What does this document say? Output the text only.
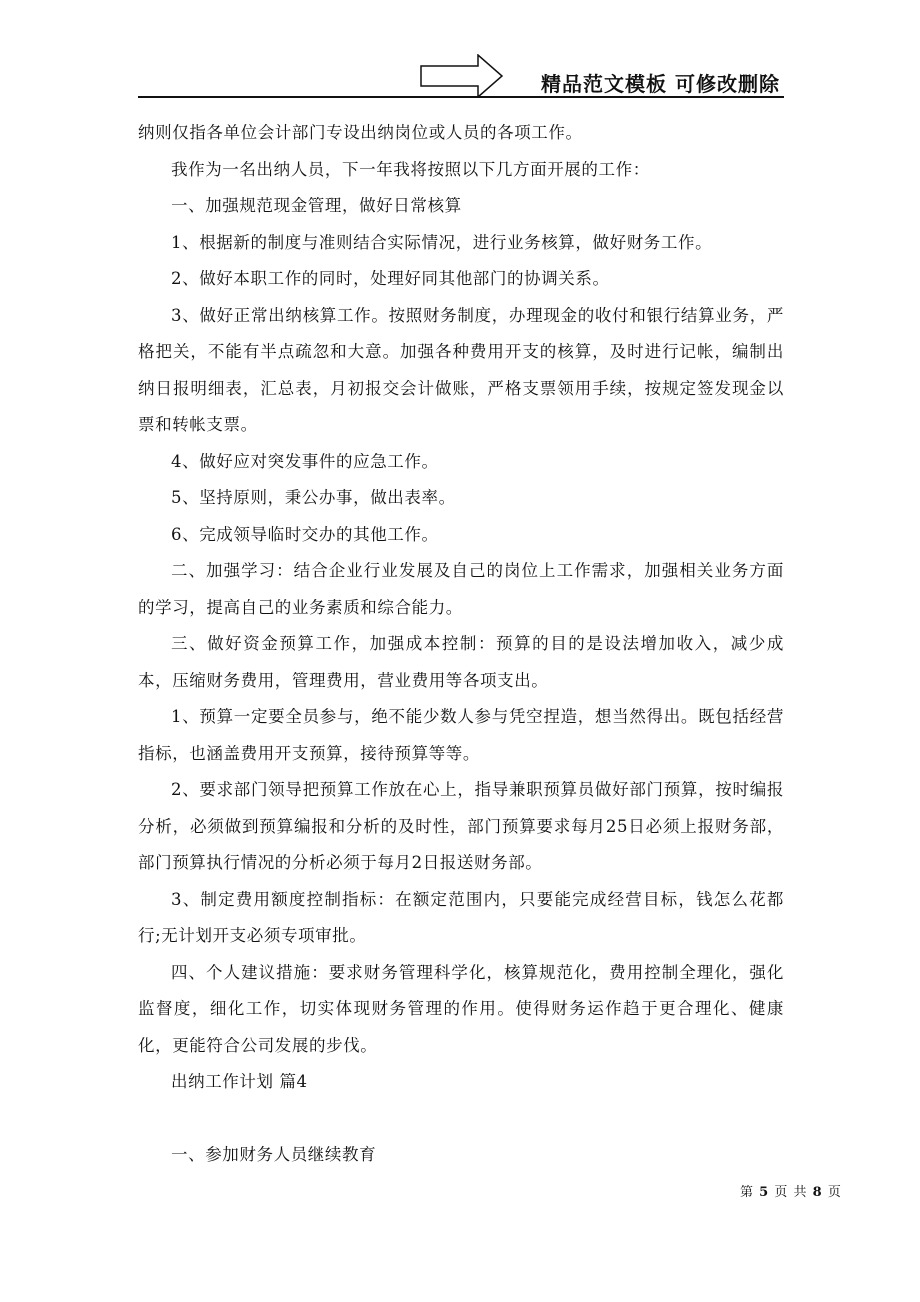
精品范文模板 可修改删除

纳则仅指各单位会计部门专设出纳岗位或人员的各项工作。

我作为一名出纳人员，下一年我将按照以下几方面开展的工作：

一、加强规范现金管理，做好日常核算

1、根据新的制度与准则结合实际情况，进行业务核算，做好财务工作。

2、做好本职工作的同时，处理好同其他部门的协调关系。

3、做好正常出纳核算工作。按照财务制度，办理现金的收付和银行结算业务，严格把关，不能有半点疏忽和大意。加强各种费用开支的核算，及时进行记帐，编制出纳日报明细表，汇总表，月初报交会计做账，严格支票领用手续，按规定签发现金以票和转帐支票。

4、做好应对突发事件的应急工作。

5、坚持原则，秉公办事，做出表率。

6、完成领导临时交办的其他工作。

二、加强学习：结合企业行业发展及自己的岗位上工作需求，加强相关业务方面的学习，提高自己的业务素质和综合能力。

三、做好资金预算工作，加强成本控制：预算的目的是设法增加收入，减少成本，压缩财务费用，管理费用，营业费用等各项支出。

1、预算一定要全员参与，绝不能少数人参与凭空捏造，想当然得出。既包括经营指标，也涵盖费用开支预算，接待预算等等。

2、要求部门领导把预算工作放在心上，指导兼职预算员做好部门预算，按时编报分析，必须做到预算编报和分析的及时性，部门预算要求每月25日必须上报财务部，部门预算执行情况的分析必须于每月2日报送财务部。

3、制定费用额度控制指标：在额定范围内，只要能完成经营目标，钱怎么花都行;无计划开支必须专项审批。

四、个人建议措施：要求财务管理科学化，核算规范化，费用控制全理化，强化监督度，细化工作，切实体现财务管理的作用。使得财务运作趋于更合理化、健康化，更能符合公司发展的步伐。

出纳工作计划 篇4

一、参加财务人员继续教育

第 5 页 共 8 页
